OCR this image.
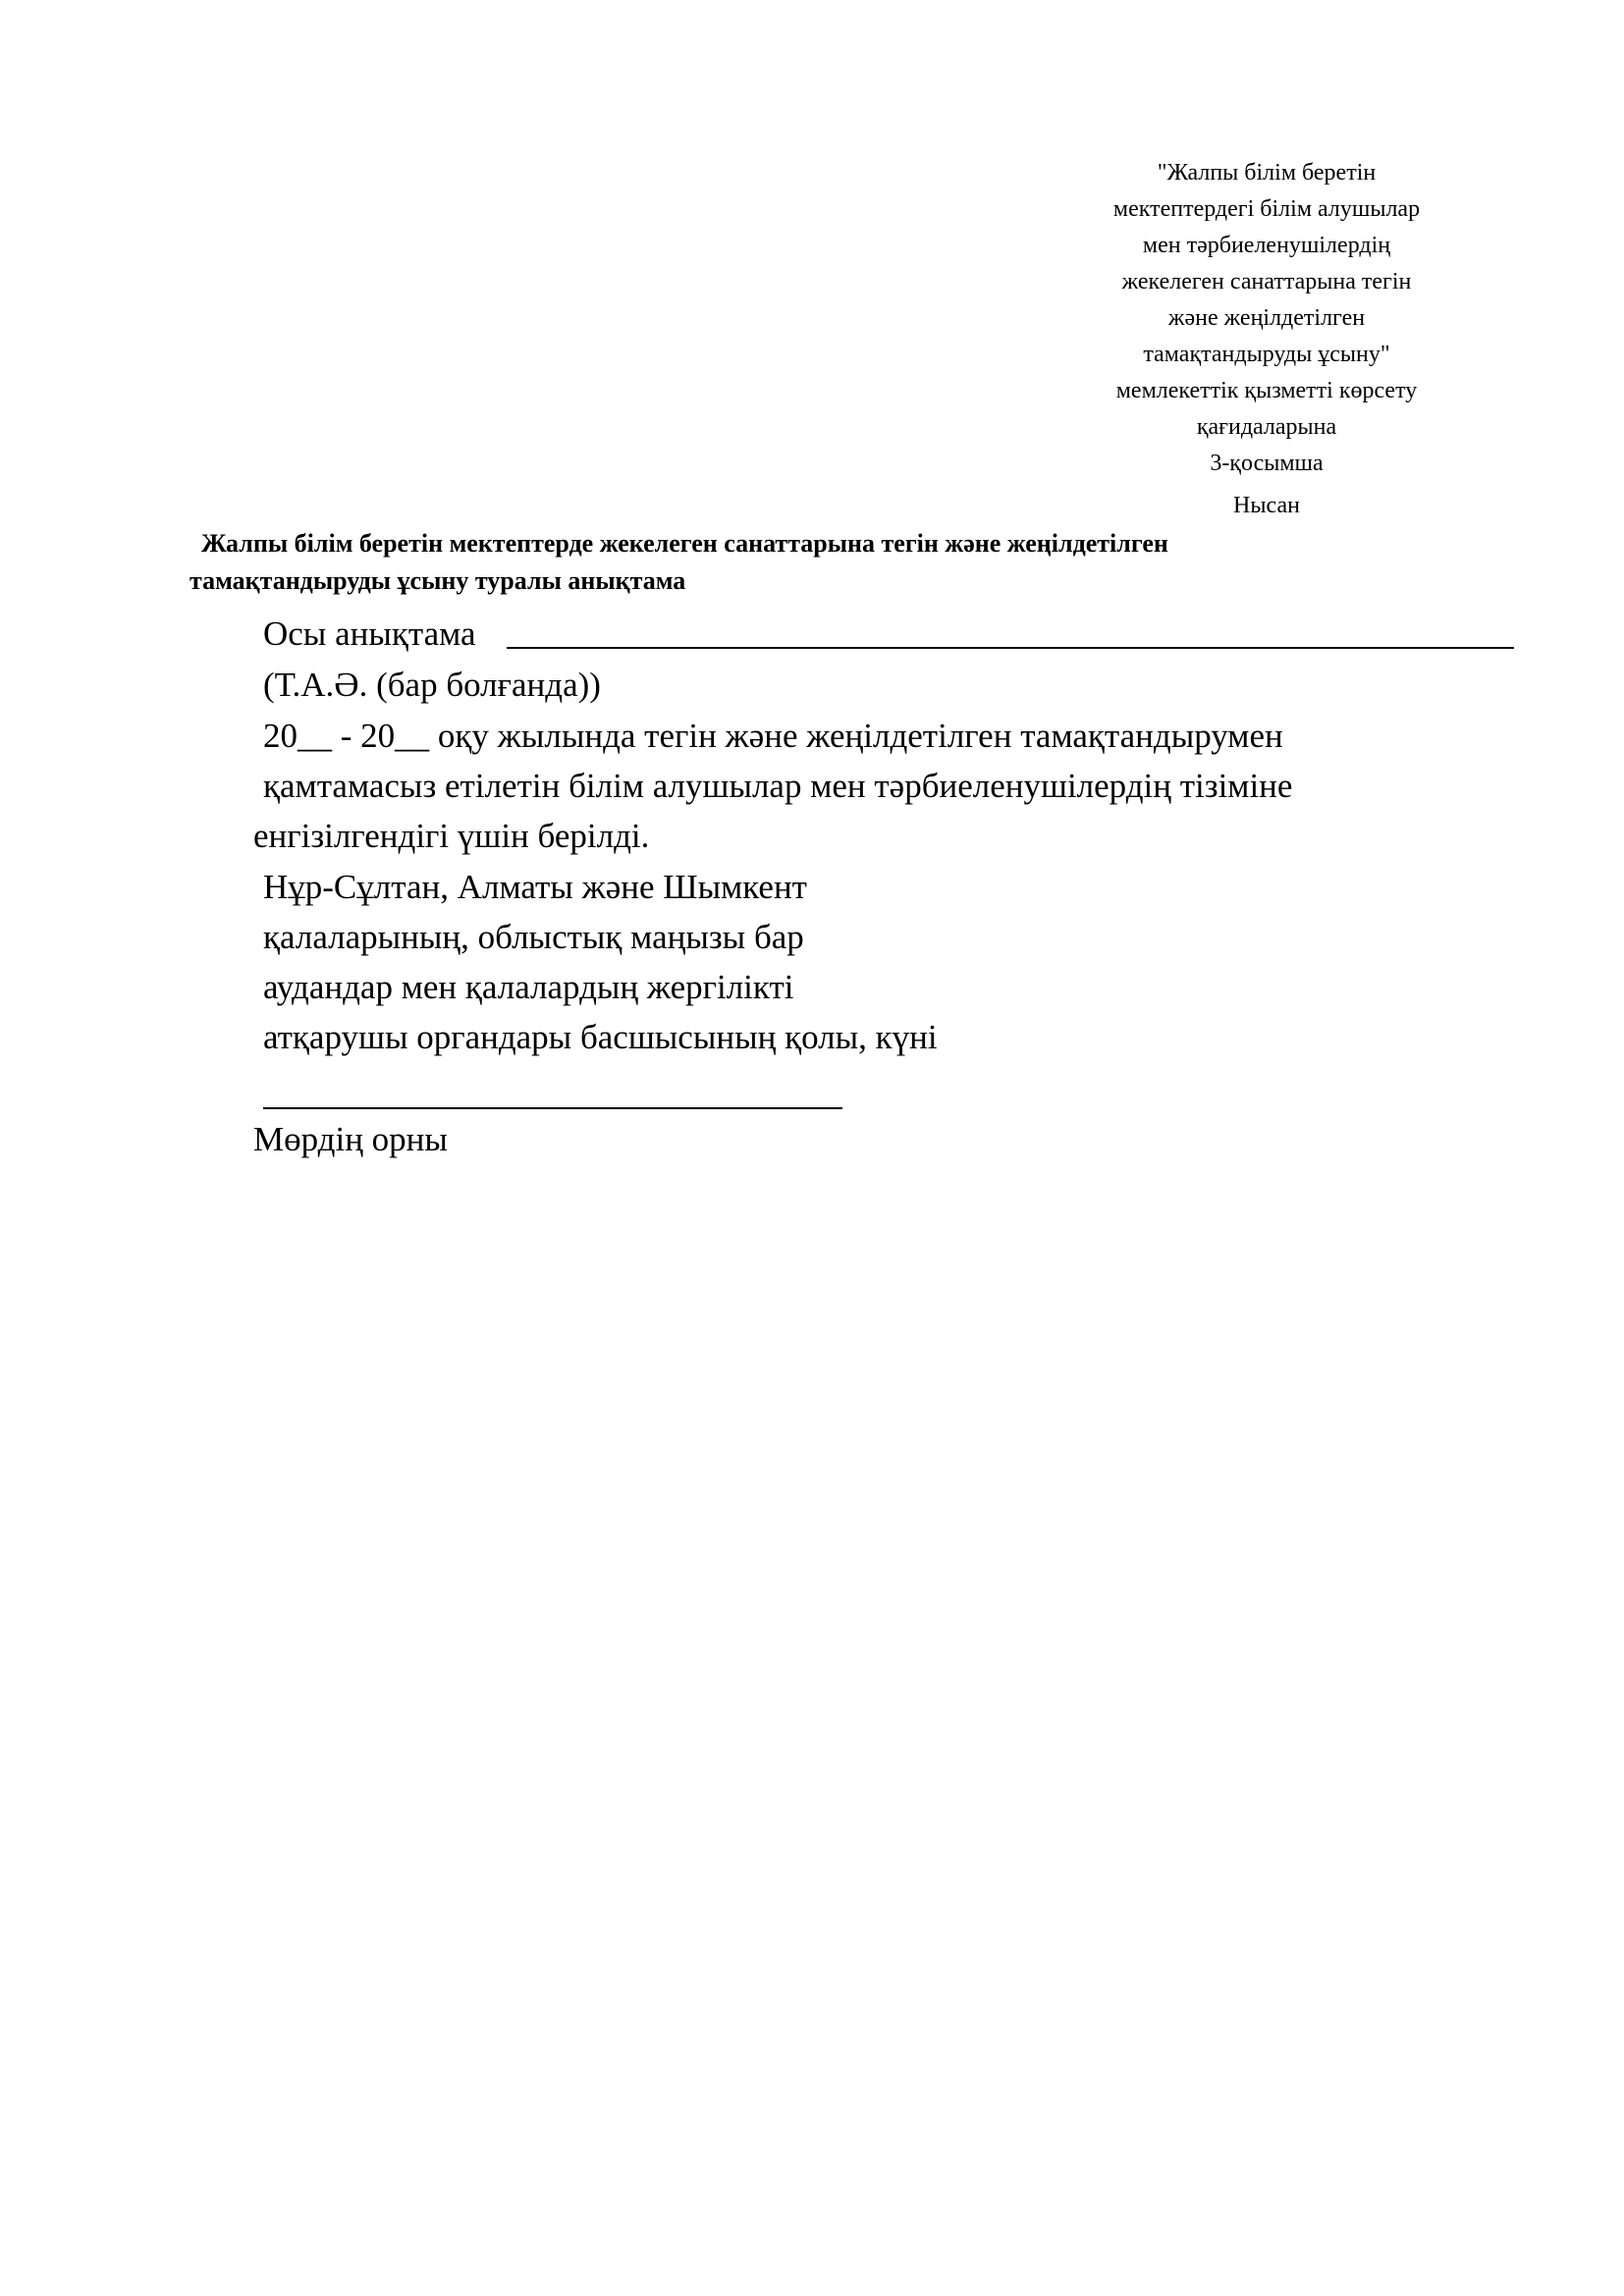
"Жалпы білім беретін
мектептердегі білім алушылар
мен тәрбиеленушілердің
жекелеген санаттарына тегін
және жеңілдетілген
тамақтандыруды ұсыну"
мемлекеттік қызметті көрсету
қағидаларына
3-қосымша
Нысан
Жалпы білім беретін мектептерде жекелеген санаттарына тегін және жеңілдетілген
тамақтандыруды ұсыну туралы анықтама
Осы анықтама
(Т.А.Ә. (бар болғанда))
20__ - 20__ оқу жылында тегін және жеңілдетілген тамақтандырумен
қамтамасыз етілетін білім алушылар мен тәрбиеленушілердің тізіміне
енгізілгендігі үшін берілді.
Нұр-Сұлтан, Алматы және Шымкент
қалаларының, облыстық маңызы бар
аудандар мен қалалардың жергілікті
атқарушы органдары басшысының қолы, күні
Мөрдің орны
